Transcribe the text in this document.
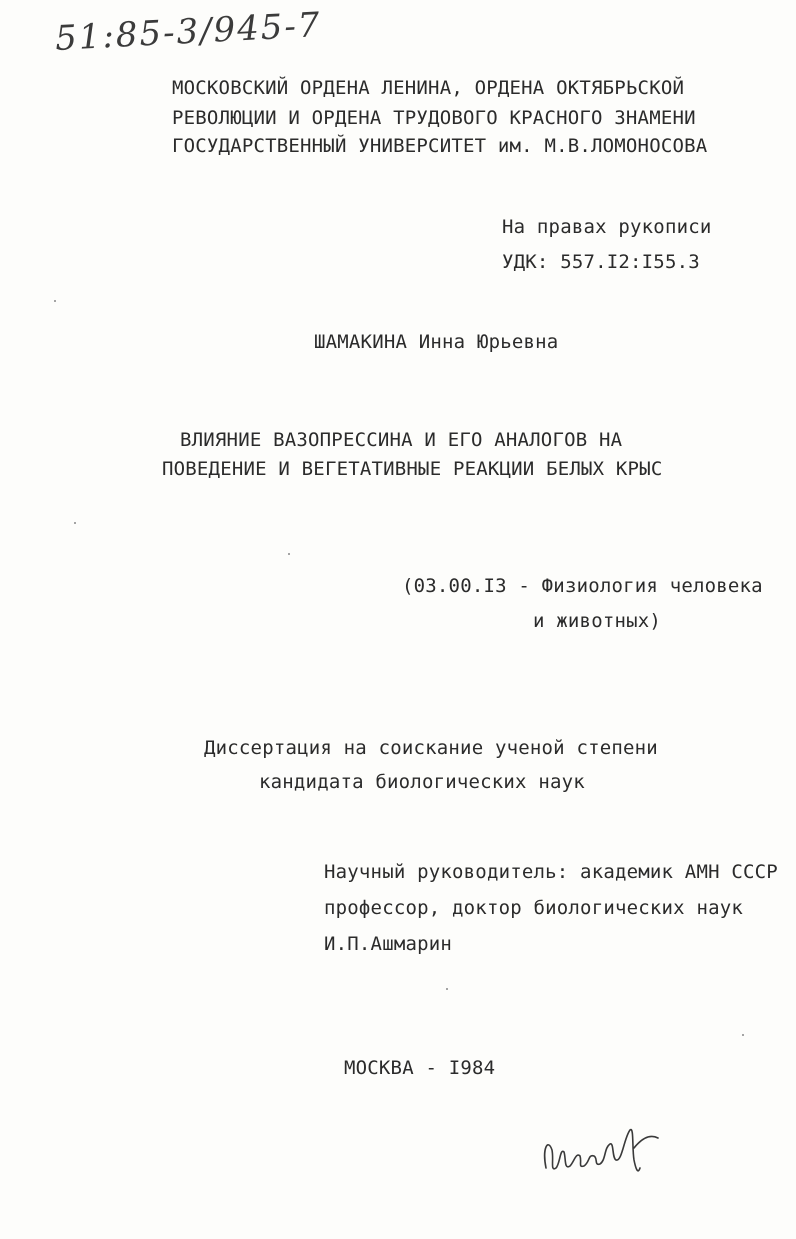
51:85-3/945-7
МОСКОВСКИЙ ОРДЕНА ЛЕНИНА, ОРДЕНА ОКТЯБРЬСКОЙ
РЕВОЛЮЦИИ И ОРДЕНА ТРУДОВОГО КРАСНОГО ЗНАМЕНИ
ГОСУДАРСТВЕННЫЙ УНИВЕРСИТЕТ им. М.В.ЛОМОНОСОВА
На правах рукописи
УДК: 557.I2:I55.3
ШАМАКИНА Инна Юрьевна
ВЛИЯНИЕ ВАЗОПРЕССИНА И ЕГО АНАЛОГОВ НА
ПОВЕДЕНИЕ И ВЕГЕТАТИВНЫЕ РЕАКЦИИ БЕЛЫХ КРЫС
(03.00.I3 - Физиология человека
и животных)
Диссертация на соискание ученой степени
кандидата биологических наук
Научный руководитель: академик АМН СССР
профессор, доктор биологических наук
И.П.Ашмарин
МОСКВА - I984
